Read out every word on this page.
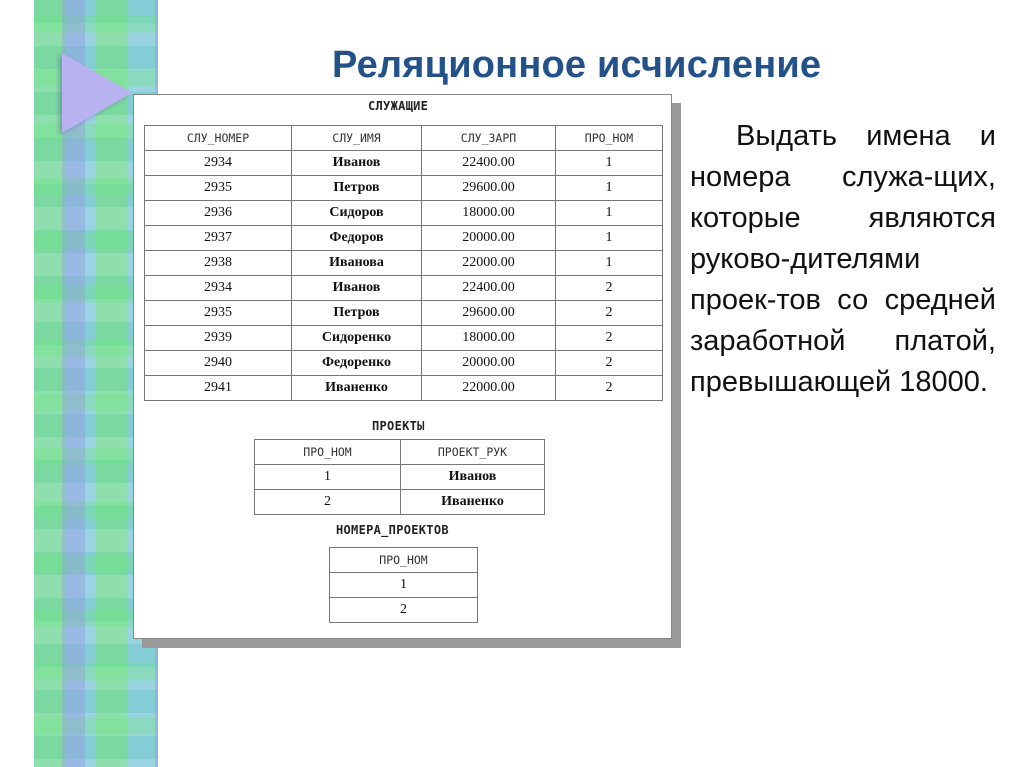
Реляционное исчисление
СЛУЖАЩИЕ
СЛУ_НОМЕР	СЛУ_ИМЯ	СЛУ_ЗАРП	ПРО_НОМ
2934	Иванов	22400.00	1
2935	Петров	29600.00	1
2936	Сидоров	18000.00	1
2937	Федоров	20000.00	1
2938	Иванова	22000.00	1
2934	Иванов	22400.00	2
2935	Петров	29600.00	2
2939	Сидоренко	18000.00	2
2940	Федоренко	20000.00	2
2941	Иваненко	22000.00	2
ПРОЕКТЫ
ПРО_НОМ	ПРОЕКТ_РУК
1	Иванов
2	Иваненко
НОМЕРА_ПРОЕКТОВ
ПРО_НОМ
1
2

Выдать имена и номера служа-щих, которые являются руково-дителями проек-тов со средней заработной платой, превышающей 18000.
